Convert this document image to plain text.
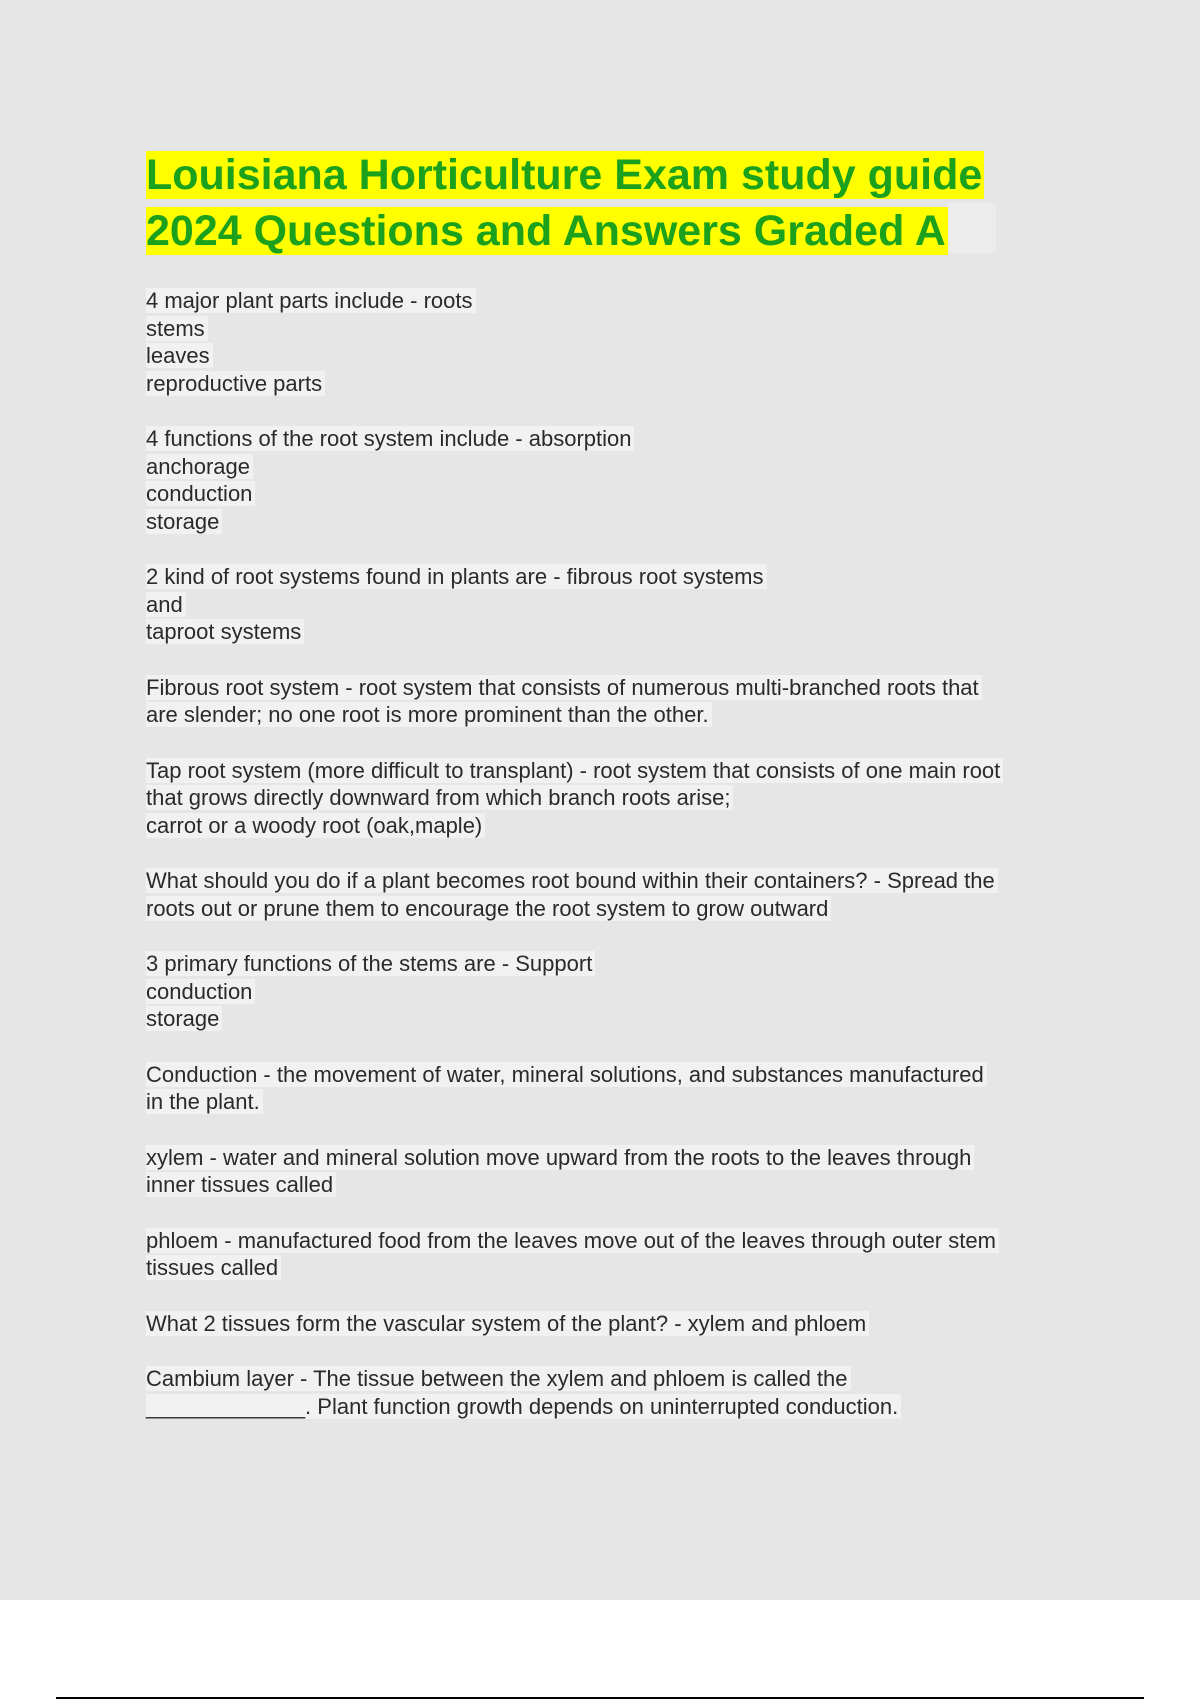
Louisiana Horticulture Exam study guide
2024 Questions and Answers Graded A
4 major plant parts include - roots
stems
leaves
reproductive parts
4 functions of the root system include - absorption
anchorage
conduction
storage
2 kind of root systems found in plants are - fibrous root systems
and
taproot systems
Fibrous root system - root system that consists of numerous multi-branched roots that
are slender; no one root is more prominent than the other.
Tap root system (more difficult to transplant) - root system that consists of one main root
that grows directly downward from which branch roots arise;
carrot or a woody root (oak,maple)
What should you do if a plant becomes root bound within their containers? - Spread the
roots out or prune them to encourage the root system to grow outward
3 primary functions of the stems are - Support
conduction
storage
Conduction - the movement of water, mineral solutions, and substances manufactured
in the plant.
xylem - water and mineral solution move upward from the roots to the leaves through
inner tissues called
phloem - manufactured food from the leaves move out of the leaves through outer stem
tissues called
What 2 tissues form the vascular system of the plant? - xylem and phloem
Cambium layer - The tissue between the xylem and phloem is called the
_____________. Plant function growth depends on uninterrupted conduction.
